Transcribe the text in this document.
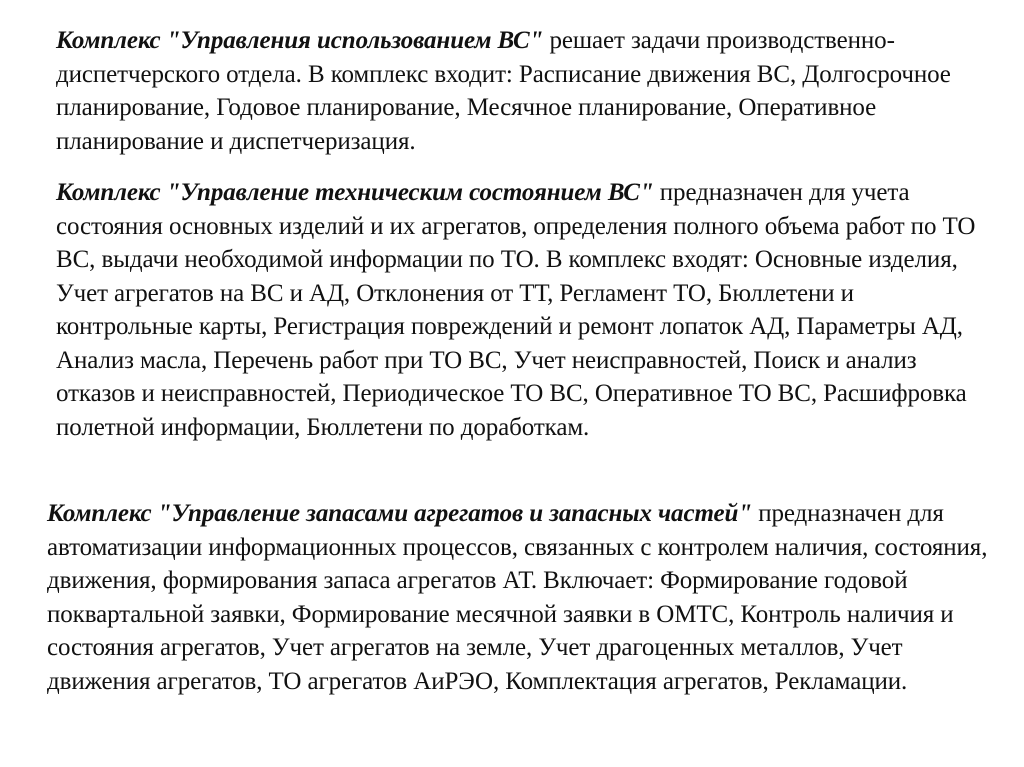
Комплекс "Управления использованием ВС" решает задачи производственно-диспетчерского отдела. В комплекс входит: Расписание движения ВС, Долгосрочное планирование, Годовое планирование, Месячное планирование, Оперативное планирование и диспетчеризация.

Комплекс "Управление техническим состоянием ВС" предназначен для учета состояния основных изделий и их агрегатов, определения полного объема работ по ТО ВС, выдачи необходимой информации по ТО. В комплекс входят: Основные изделия, Учет агрегатов на ВС и АД, Отклонения от ТТ, Регламент ТО, Бюллетени и контрольные карты, Регистрация повреждений и ремонт лопаток АД, Параметры АД, Анализ масла, Перечень работ при ТО ВС, Учет неисправностей, Поиск и анализ отказов и неисправностей, Периодическое ТО ВС, Оперативное ТО ВС, Расшифровка полетной информации, Бюллетени по доработкам.

Комплекс "Управление запасами агрегатов и запасных частей" предназначен для автоматизации информационных процессов, связанных с контролем наличия, состояния, движения, формирования запаса агрегатов АТ. Включает: Формирование годовой поквартальной заявки, Формирование месячной заявки в ОМТС, Контроль наличия и состояния агрегатов, Учет агрегатов на земле, Учет драгоценных металлов, Учет движения агрегатов, ТО агрегатов АиРЭО, Комплектация агрегатов, Рекламации.
